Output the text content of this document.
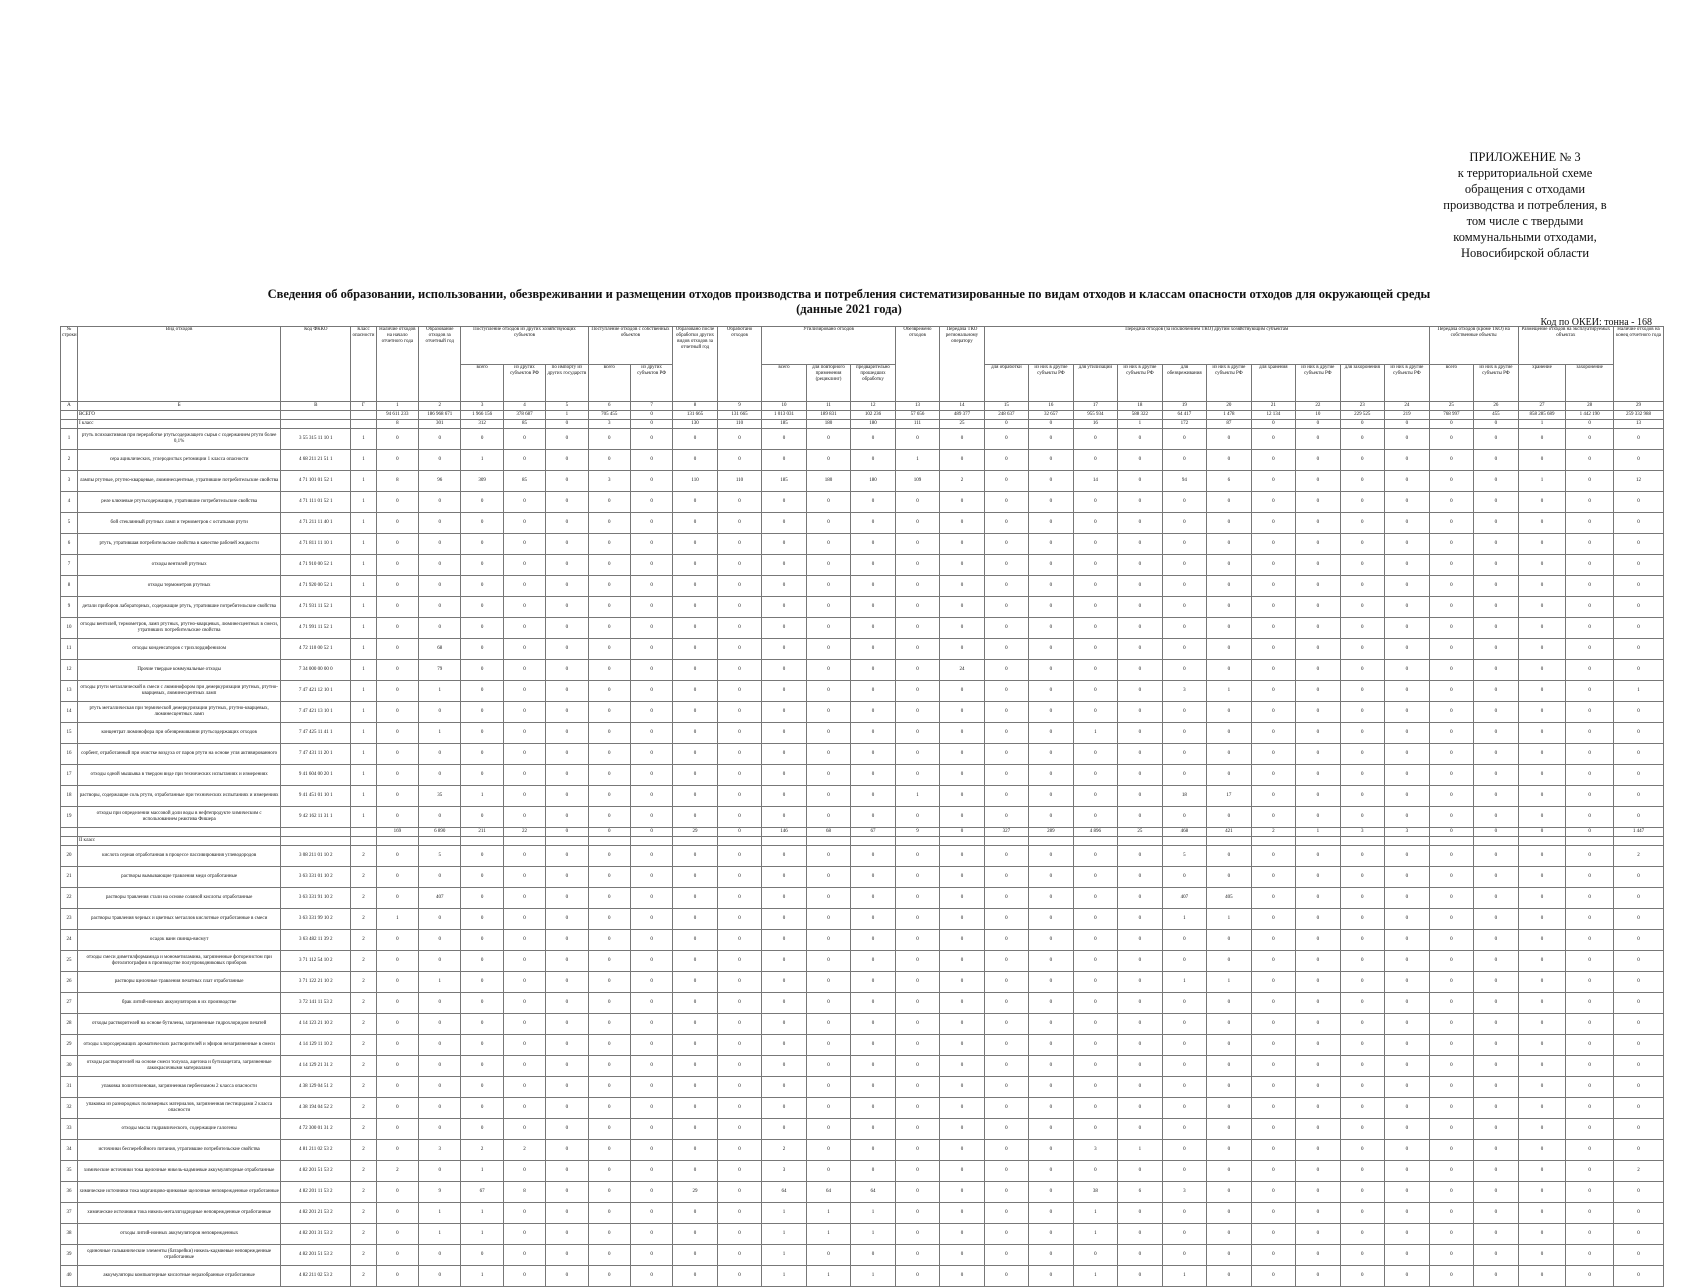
ПРИЛОЖЕНИЕ № 3
к территориальной схеме
обращения с отходами
производства и потребления, в
том числе с твердыми
коммунальными отходами,
Новосибирской области
Сведения об образовании, использовании, обезвреживании и размещении отходов производства и потребления систематизированные по видам отходов и классам опасности отходов для окружающей среды
(данные 2021 года)
Код по ОКЕИ: тонна - 168
№ строки	Вид отходов	Код ФККО	Класс опасности	Наличие отходов на начало отчетного года	Образование отходов за отчетный год	Поступление отходов из других хозяйствующих субъектов			Поступление отходов с собственных объектов		Образовано после обработки других видов отходов за отчетный год	Обработано отходов	Утилизировано отходов			Обезврежено отходов	Передача ТКО региональному оператору	Передача отходов (за исключением ТКО) другим хозяйствующим субъектам										Передача отходов (кроме ТКО) на собственные объекты		Размещение отходов на эксплуатируемых объектах		Наличие отходов на конец отчетного года
						всего	из других субъектов РФ	по импорту из других государств	всего	из других субъектов РФ			всего	для повторного применения (рециклинг)	предварительно прошедших обработку			для обработки	из них в другие субъекты РФ	для утилизации	из них в другие субъекты РФ	для обезвреживания	из них в другие субъекты РФ	для хранения	из них в другие субъекты РФ	для захоронения	из них в другие субъекты РФ	всего	из них в другие субъекты РФ	хранение	захоронение	
А	Б	В	Г	1	2	3	4	5	6	7	8	9	10	11	12	13	14	15	16	17	18	19	20	21	22	23	24	25	26	27	28	29
	ВСЕГО			94 611 233	186 968 671	1 966 156	378 687	1	705 455	0	131 665	131 665	1 013 031	189 831	102 236	57 656	489 377	248 637	32 657	955 934	588 322	64 417	1 478	12 134	10	229 525	219	768 997	455	858 285 689	1 442 190	259 332 988
	I класс			8	301	312	85	0	3	0	130	110	185	180	180	111	25	0	0	16	1	172	87	0	0	0	0	0	0	1	0	13
1	ртуть психоактивная при переработке ртутьсодержащего сырья с содержанием ртути более 0,1%	3 55 315 11 10 1	1	0	0	0	0	0	0	0	0	0	0	0	0	0	0	0	0	0	0	0	0	0	0	0	0	0	0	0	0	0
2	сера ациклических, углеродистых ретомиции 1 класса опасности	4 68 211 21 51 1	1	0	0	1	0	0	0	0	0	0	0	0	0	1	0	0	0	0	0	0	0	0	0	0	0	0	0	0	0	0
3	лампы ртутные, ртутно-кварцевые, люминесцентные, утратившие потребительские свойства	4 71 101 01 52 1	1	8	96	309	85	0	3	0	110	110	185	180	180	109	2	0	0	14	0	94	6	0	0	0	0	0	0	1	0	12
4	реле ключевые ртутьсодержащие, утратившие потребительские свойства	4 71 111 01 52 1	1	0	0	0	0	0	0	0	0	0	0	0	0	0	0	0	0	0	0	0	0	0	0	0	0	0	0	0	0	0
5	бой стеклянный ртутных ламп и термометров с остатками ртути	4 71 211 11 40 1	1	0	0	0	0	0	0	0	0	0	0	0	0	0	0	0	0	0	0	0	0	0	0	0	0	0	0	0	0	0
6	ртуть, утратившая потребительские свойства в качестве рабочей жидкости	4 71 811 11 10 1	1	0	0	0	0	0	0	0	0	0	0	0	0	0	0	0	0	0	0	0	0	0	0	0	0	0	0	0	0	0
7	отходы вентилей ртутных	4 71 910 00 52 1	1	0	0	0	0	0	0	0	0	0	0	0	0	0	0	0	0	0	0	0	0	0	0	0	0	0	0	0	0	0
8	отходы термометров ртутных	4 71 920 00 52 1	1	0	0	0	0	0	0	0	0	0	0	0	0	0	0	0	0	0	0	0	0	0	0	0	0	0	0	0	0	0
9	детали приборов лабораторных, содержащие ртуть, утратившие потребительские свойства	4 71 931 11 52 1	1	0	0	0	0	0	0	0	0	0	0	0	0	0	0	0	0	0	0	0	0	0	0	0	0	0	0	0	0	0
10	отходы вентилей, термометров, ламп ртутных, ртутно-кварцевых, люминесцентных в смеси, утративших потребительские свойства	4 71 991 11 52 1	1	0	0	0	0	0	0	0	0	0	0	0	0	0	0	0	0	0	0	0	0	0	0	0	0	0	0	0	0	0
11	отходы конденсаторов с трихлордифенилом	4 72 110 00 52 1	1	0	68	0	0	0	0	0	0	0	0	0	0	0	0	0	0	0	0	0	0	0	0	0	0	0	0	0	0	0
12	Прочие твердые коммунальные отходы	7 34 000 00 00 0	1	0	79	0	0	0	0	0	0	0	0	0	0	0	24	0	0	0	0	0	0	0	0	0	0	0	0	0	0	0
13	отходы ртути металлической в смеси с люминофором при демеркуризации ртутных, ртутно-кварцевых, люминесцентных ламп	7 47 421 12 10 1	1	0	1	0	0	0	0	0	0	0	0	0	0	0	0	0	0	0	0	3	1	0	0	0	0	0	0	0	0	1
14	ртуть металлическая при термической демеркуризации ртутных, ртутно-кварцевых, люминесцентных ламп	7 47 421 13 10 1	1	0	0	0	0	0	0	0	0	0	0	0	0	0	0	0	0	0	0	0	0	0	0	0	0	0	0	0	0	0
15	концентрат люминофора при обезвреживании ртутьсодержащих отходов	7 47 425 11 41 1	1	0	1	0	0	0	0	0	0	0	0	0	0	0	0	0	0	1	0	0	0	0	0	0	0	0	0	0	0	0
16	сорбент, отработанный при очистке воздуха от паров ртути на основе угля активированного	7 47 431 11 20 1	1	0	0	0	0	0	0	0	0	0	0	0	0	0	0	0	0	0	0	0	0	0	0	0	0	0	0	0	0	0
17	отходы одной мышьяка в твердом виде при технических испытаниях и измерениях	9 41 604 00 20 1	1	0	0	0	0	0	0	0	0	0	0	0	0	0	0	0	0	0	0	0	0	0	0	0	0	0	0	0	0	0
18	растворы, содержащие соль ртути, отработанные при технических испытаниях и измерениях	9 41 451 01 10 1	1	0	35	1	0	0	0	0	0	0	0	0	0	1	0	0	0	0	0	18	17	0	0	0	0	0	0	0	0	0
19	отходы при определении массовой доли воды в нефтепродукте химическим с использованием реактива Фишера	9 42 162 11 31 1	1	0	0	0	0	0	0	0	0	0	0	0	0	0	0	0	0	0	0	0	0	0	0	0	0	0	0	0	0	0
				169	6 890	211	22	0	0	0	29	0	146	68	67	9	0	327	289	4 896	25	468	421	2	1	3	3	0	0	0	0	1 447
	II класс																															
20	кислота серная отработанная в процессе пассивирования углеводородов	3 08 211 01 10 2	2	0	5	0	0	0	0	0	0	0	0	0	0	0	0	0	0	0	0	5	0	0	0	0	0	0	0	0	0	2
21	растворы вымывающие травления меди отработанные	3 63 331 01 10 2	2	0	0	0	0	0	0	0	0	0	0	0	0	0	0	0	0	0	0	0	0	0	0	0	0	0	0	0	0	0
22	растворы травления стали на основе соляной кислоты отработанные	3 63 331 91 10 2	2	0	407	0	0	0	0	0	0	0	0	0	0	0	0	0	0	0	0	407	405	0	0	0	0	0	0	0	0	0
23	растворы травления черных и цветных металлов кислотные отработанные в смеси	3 63 331 99 10 2	2	1	0	0	0	0	0	0	0	0	0	0	0	0	0	0	0	0	0	1	1	0	0	0	0	0	0	0	0	0
24	осадок ванн свинца-висмут	3 63 482 11 39 2	2	0	0	0	0	0	0	0	0	0	0	0	0	0	0	0	0	0	0	0	0	0	0	0	0	0	0	0	0	0
25	отходы смеси диметилформамида и монометиламина, загрязненные фоторезистом при фотолитографии в производстве полупроводниковых приборов	3 71 112 54 10 2	2	0	0	0	0	0	0	0	0	0	0	0	0	0	0	0	0	0	0	0	0	0	0	0	0	0	0	0	0	0
26	растворы щелочные травления печатных плат отработанные	3 71 122 21 10 2	2	0	1	0	0	0	0	0	0	0	0	0	0	0	0	0	0	0	0	1	1	0	0	0	0	0	0	0	0	0
27	брак литий-ионных аккумуляторов в их производстве	3 72 141 11 53 2	2	0	0	0	0	0	0	0	0	0	0	0	0	0	0	0	0	0	0	0	0	0	0	0	0	0	0	0	0	0
28	отходы растворителей на основе бутилены, загрязненные гидрохлоридом печатей	4 14 123 21 10 2	2	0	0	0	0	0	0	0	0	0	0	0	0	0	0	0	0	0	0	0	0	0	0	0	0	0	0	0	0	0
29	отходы хлорсодержащих ароматических растворителей и эфиров незагрязненные в смеси	4 14 129 11 10 2	2	0	0	0	0	0	0	0	0	0	0	0	0	0	0	0	0	0	0	0	0	0	0	0	0	0	0	0	0	0
30	отходы растворителей на основе смеси толуола, ацетона и бутилацетата, загрязненные лакокрасочными материалами	4 14 129 21 31 2	2	0	0	0	0	0	0	0	0	0	0	0	0	0	0	0	0	0	0	0	0	0	0	0	0	0	0	0	0	0
31	упаковка полиэтиленовая, загрязненная пербензамом 2 класса опасности	4 38 129 04 51 2	2	0	0	0	0	0	0	0	0	0	0	0	0	0	0	0	0	0	0	0	0	0	0	0	0	0	0	0	0	0
32	упаковка из разнородных полимерных материалов, загрязненная пестицидами 2 класса опасности	4 38 194 04 52 2	2	0	0	0	0	0	0	0	0	0	0	0	0	0	0	0	0	0	0	0	0	0	0	0	0	0	0	0	0	0
33	отходы масла гидравлического, содержащие галогены	4 72 300 01 31 2	2	0	0	0	0	0	0	0	0	0	0	0	0	0	0	0	0	0	0	0	0	0	0	0	0	0	0	0	0	0
34	источники бесперебойного питания, утратившие потребительские свойства	4 81 211 02 53 2	2	0	3	2	2	0	0	0	0	0	2	0	0	0	0	0	0	3	1	0	0	0	0	0	0	0	0	0	0	0
35	химические источники тока щелочные никель-кадмиевые аккумуляторные отработанные	4 82 201 51 53 2	2	2	0	1	0	0	0	0	0	0	3	0	0	0	0	0	0	0	0	0	0	0	0	0	0	0	0	0	0	2
36	химические источники тока марганцово-цинковые щелочные неповрежденные отработанные	4 82 201 11 53 2	2	0	9	67	8	0	0	0	29	0	64	64	64	0	0	0	0	38	6	3	0	0	0	0	0	0	0	0	0	0
37	химические источники тока никель-металлгидридные неповрежденные отработанные	4 82 201 21 53 2	2	0	1	1	0	0	0	0	0	0	1	1	1	0	0	0	0	1	0	0	0	0	0	0	0	0	0	0	0	0
38	отходы литий-ионных аккумуляторов неповрежденных	4 82 201 31 53 2	2	0	1	1	0	0	0	0	0	0	1	1	1	0	0	0	0	1	0	0	0	0	0	0	0	0	0	0	0	0
39	одиночные гальванические элементы (батарейки) никель-кадмиевые неповрежденные отработанные	4 82 201 51 53 2	2	0	0	0	0	0	0	0	0	0	1	0	0	0	0	0	0	0	0	0	0	0	0	0	0	0	0	0	0	0
40	аккумуляторы компьютерные кислотные неразобранные отработанные	4 82 211 02 53 2	2	0	0	1	0	0	0	0	0	0	1	1	1	0	0	0	0	1	0	1	0	0	0	0	0	0	0	0	0	0
